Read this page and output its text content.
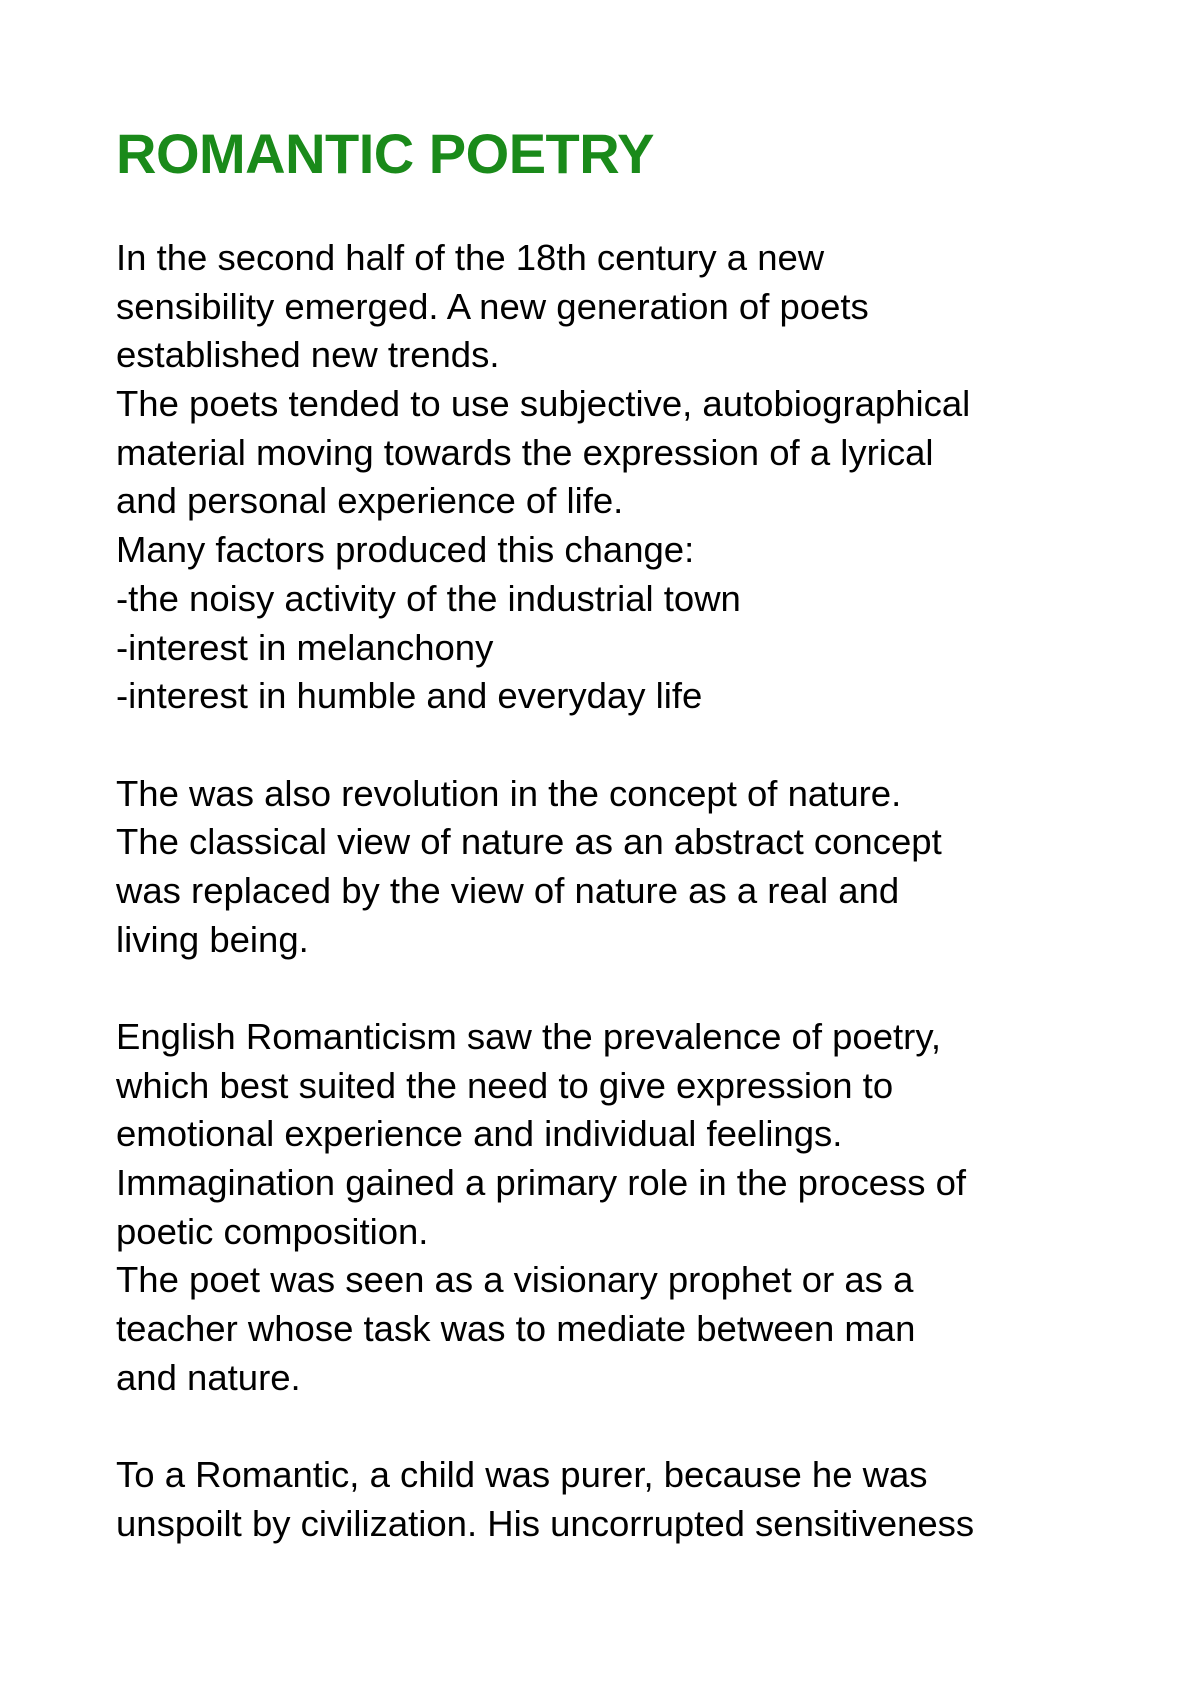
ROMANTIC POETRY
In the second half of the 18th century a new
sensibility emerged. A new generation of poets
established new trends.
The poets tended to use subjective, autobiographical
material moving towards the expression of a lyrical
and personal experience of life.
Many factors produced this change:
-the noisy activity of the industrial town
-interest in melanchony
-interest in humble and everyday life
The was also revolution in the concept of nature.
The classical view of nature as an abstract concept
was replaced by the view of nature as a real and
living being.
English Romanticism saw the prevalence of poetry,
which best suited the need to give expression to
emotional experience and individual feelings.
Immagination gained a primary role in the process of
poetic composition.
The poet was seen as a visionary prophet or as a
teacher whose task was to mediate between man
and nature.
To a Romantic, a child was purer, because he was
unspoilt by civilization. His uncorrupted sensitiveness
